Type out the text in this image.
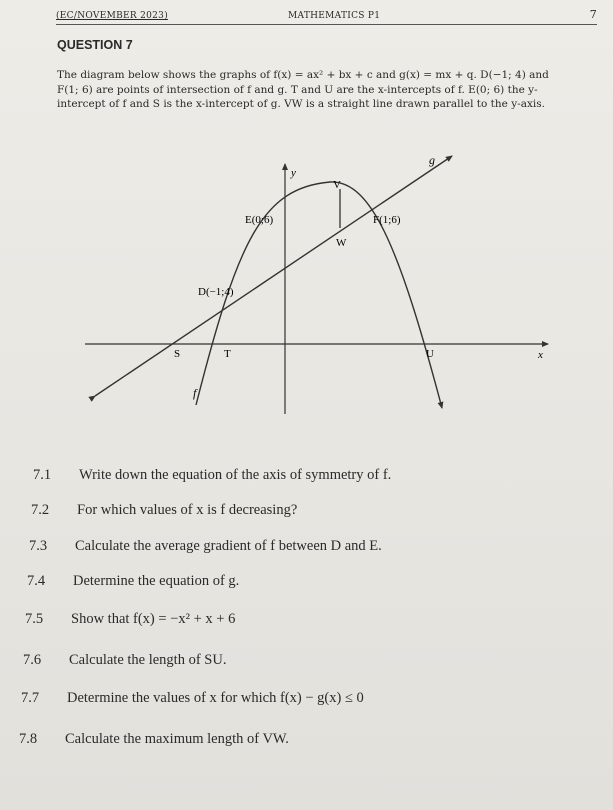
(EC/NOVEMBER 2023)	MATHEMATICS P1	7
QUESTION 7
The diagram below shows the graphs of f(x) = ax² + bx + c and g(x) = mx + q. D(−1; 4) and F(1; 6) are points of intersection of f and g. T and U are the x-intercepts of f. E(0; 6) the y-intercept of f and S is the x-intercept of g. VW is a straight line drawn parallel to the y-axis.
y
x
g
f
V
W
E(0;6)	F(1;6)
D(−1;4)
S	T	U
7.1 Write down the equation of the axis of symmetry of f.
7.2 For which values of x is f decreasing?
7.3 Calculate the average gradient of f between D and E.
7.4 Determine the equation of g.
7.5 Show that f(x) = −x² + x + 6
7.6 Calculate the length of SU.
7.7 Determine the values of x for which f(x) − g(x) ≤ 0
7.8 Calculate the maximum length of VW.
